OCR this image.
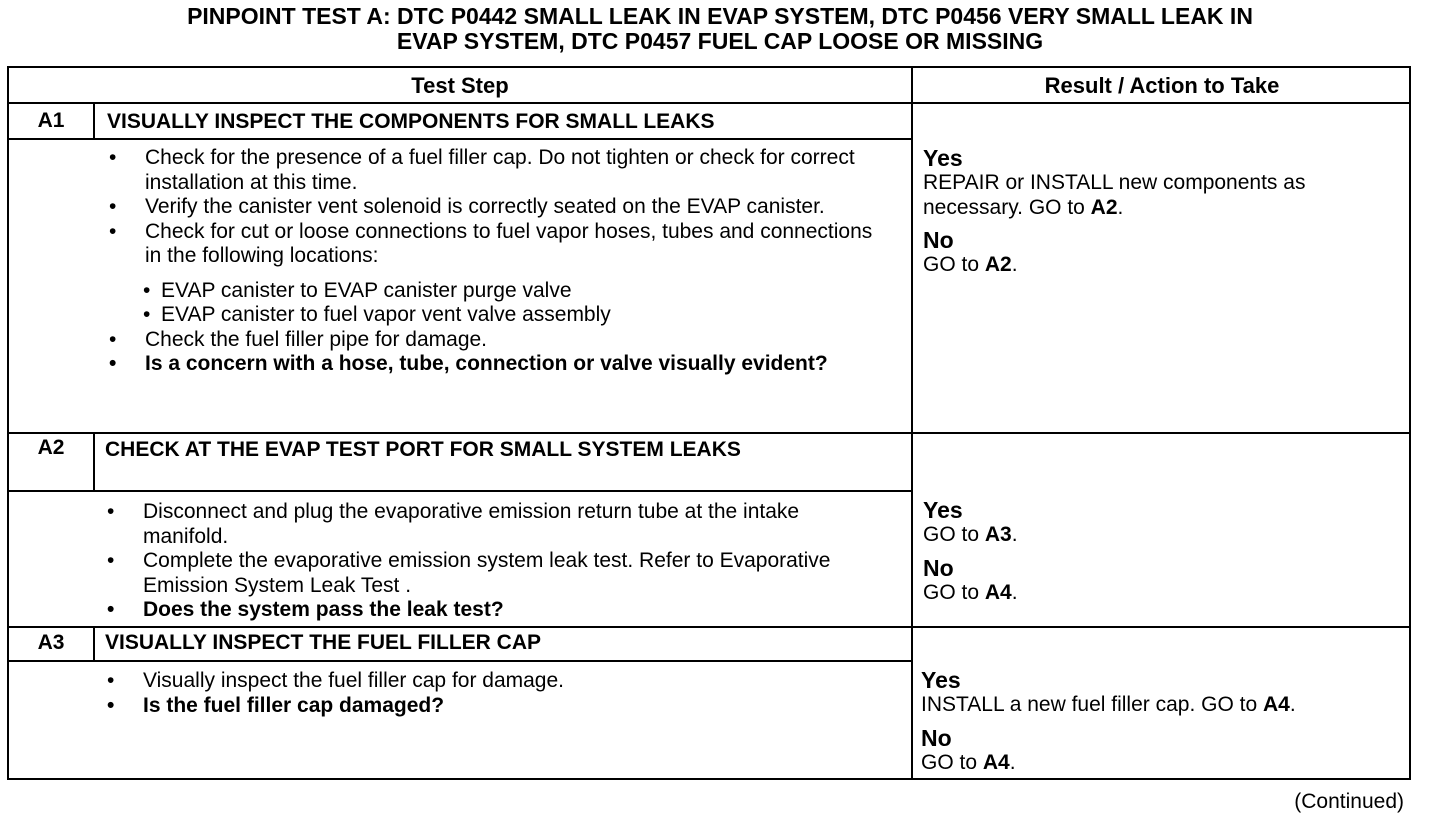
PINPOINT TEST A: DTC P0442 SMALL LEAK IN EVAP SYSTEM, DTC P0456 VERY SMALL LEAK IN
EVAP SYSTEM, DTC P0457 FUEL CAP LOOSE OR MISSING
Test Step	Result / Action to Take
A1	VISUALLY INSPECT THE COMPONENTS FOR SMALL LEAKS
• Check for the presence of a fuel filler cap. Do not tighten or check for correct installation at this time.
• Verify the canister vent solenoid is correctly seated on the EVAP canister.
• Check for cut or loose connections to fuel vapor hoses, tubes and connections in the following locations:
• EVAP canister to EVAP canister purge valve
• EVAP canister to fuel vapor vent valve assembly
• Check the fuel filler pipe for damage.
• Is a concern with a hose, tube, connection or valve visually evident?
Yes
REPAIR or INSTALL new components as necessary. GO to A2.
No
GO to A2.
A2	CHECK AT THE EVAP TEST PORT FOR SMALL SYSTEM LEAKS
• Disconnect and plug the evaporative emission return tube at the intake manifold.
• Complete the evaporative emission system leak test. Refer to Evaporative Emission System Leak Test .
• Does the system pass the leak test?
Yes
GO to A3.
No
GO to A4.
A3	VISUALLY INSPECT THE FUEL FILLER CAP
• Visually inspect the fuel filler cap for damage.
• Is the fuel filler cap damaged?
Yes
INSTALL a new fuel filler cap. GO to A4.
No
GO to A4.
(Continued)
